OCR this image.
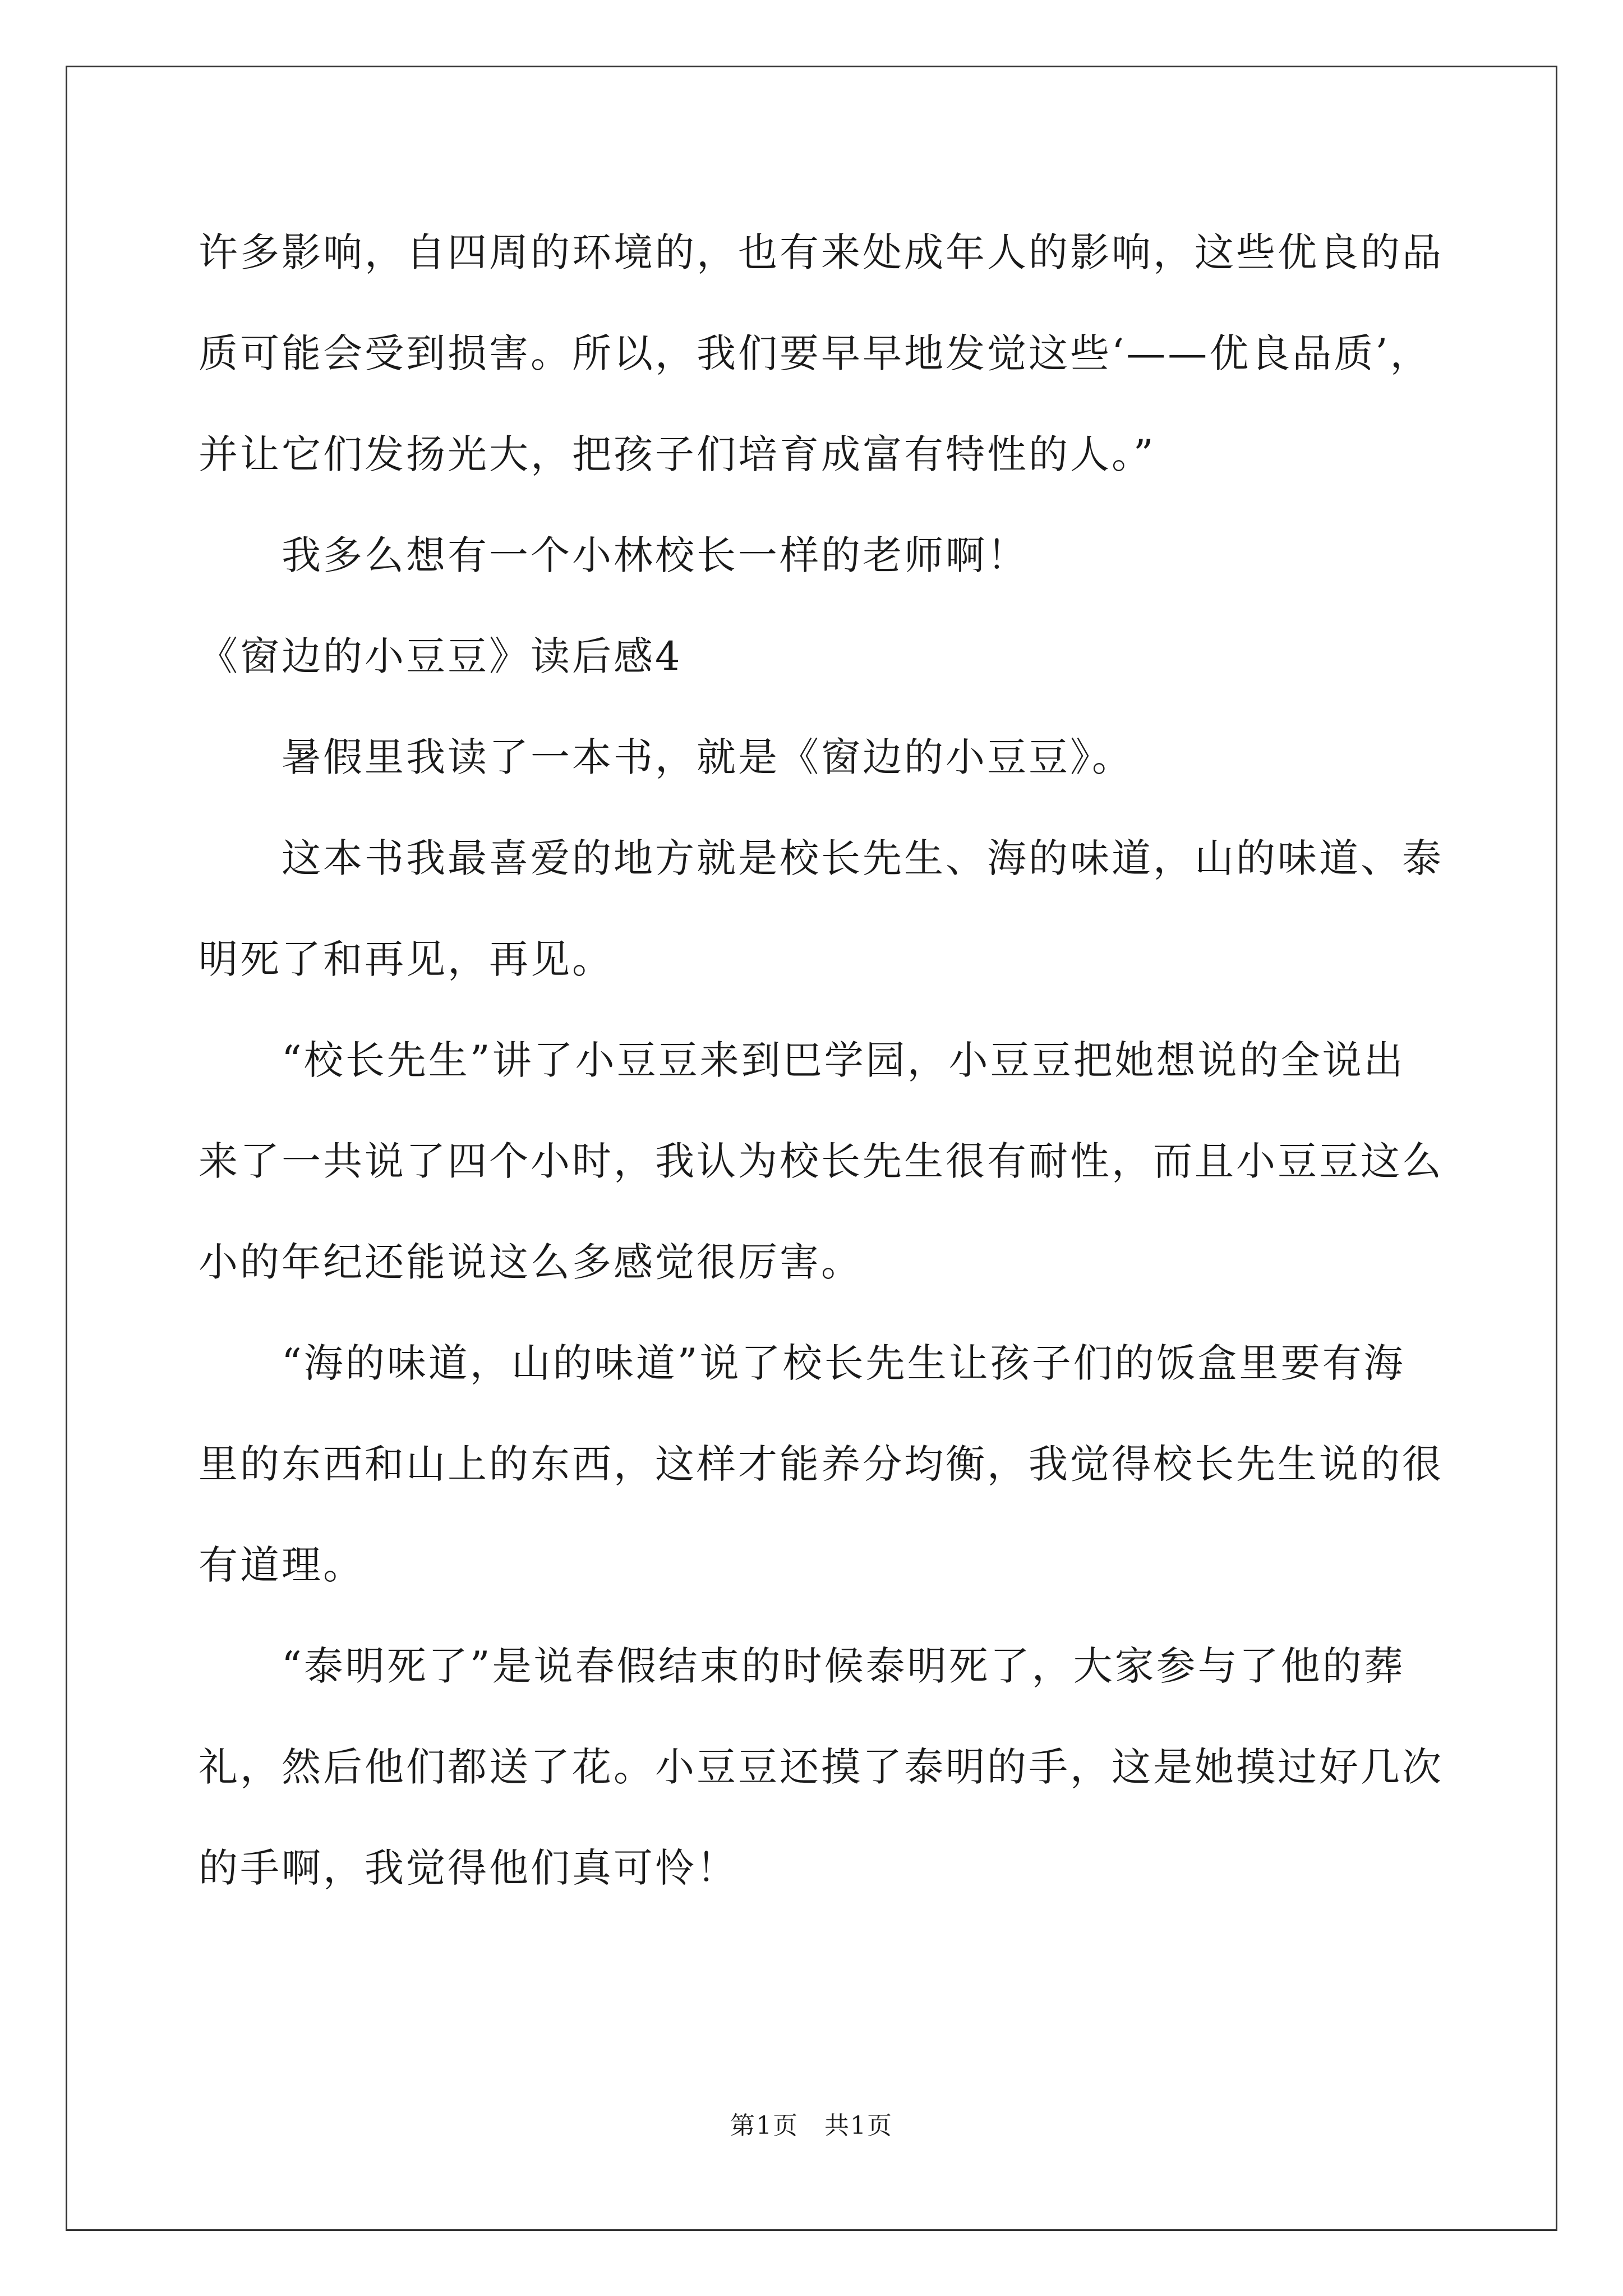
许多影响，自四周的环境的，也有来处成年人的影响，这些优良的品
质可能会受到损害。所以，我们要早早地发觉这些‘——优良品质’，
并让它们发扬光大，把孩子们培育成富有特性的人。”
我多么想有一个小林校长一样的老师啊！
《窗边的小豆豆》读后感4
暑假里我读了一本书，就是《窗边的小豆豆》。
这本书我最喜爱的地方就是校长先生、海的味道，山的味道、泰
明死了和再见，再见。
“校长先生”讲了小豆豆来到巴学园，小豆豆把她想说的全说出
来了一共说了四个小时，我认为校长先生很有耐性，而且小豆豆这么
小的年纪还能说这么多感觉很厉害。
“海的味道，山的味道”说了校长先生让孩子们的饭盒里要有海
里的东西和山上的东西，这样才能养分均衡，我觉得校长先生说的很
有道理。
“泰明死了”是说春假结束的时候泰明死了，大家参与了他的葬
礼，然后他们都送了花。小豆豆还摸了泰明的手，这是她摸过好几次
的手啊，我觉得他们真可怜！
第1页　共1页
